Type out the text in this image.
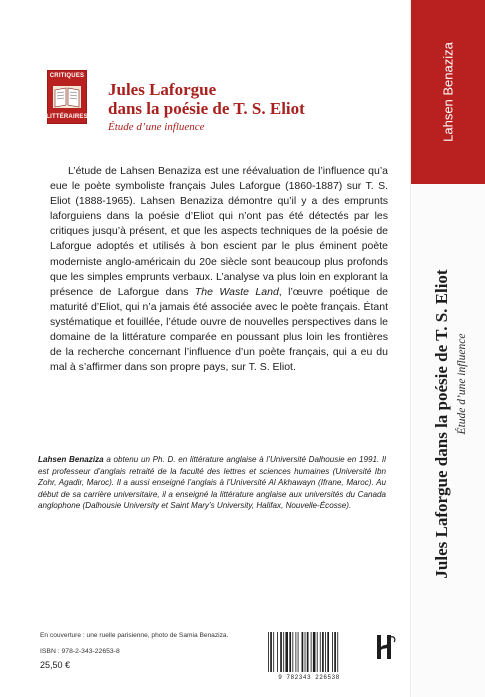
CRITIQUES
LITTÉRAIRES
Jules Laforgue
dans la poésie de T. S. Eliot
Étude d’une influence

L’étude de Lahsen Benaziza est une réévaluation de l’influence qu’a eue le poète symboliste français Jules Laforgue (1860-1887) sur T. S. Eliot (1888-1965). Lahsen Benaziza démontre qu’il y a des emprunts laforguiens dans la poésie d’Eliot qui n’ont pas été détectés par les critiques jusqu’à présent, et que les aspects techniques de la poésie de Laforgue adoptés et utilisés à bon escient par le plus éminent poète moderniste anglo-américain du 20e siècle sont beaucoup plus profonds que les simples emprunts verbaux. L’analyse va plus loin en explorant la présence de Laforgue dans The Waste Land, l’œuvre poétique de maturité d’Eliot, qui n’a jamais été associée avec le poète français. Étant systématique et fouillée, l’étude ouvre de nouvelles perspectives dans le domaine de la littérature comparée en poussant plus loin les frontières de la recherche concernant l’influence d’un poète français, qui a eu du mal à s’affirmer dans son propre pays, sur T. S. Eliot.

Lahsen Benaziza a obtenu un Ph. D. en littérature anglaise à l’Université Dalhousie en 1991. Il est professeur d’anglais retraité de la faculté des lettres et sciences humaines (Université Ibn Zohr, Agadir, Maroc). Il a aussi enseigné l’anglais à l’Université Al Akhawayn (Ifrane, Maroc). Au début de sa carrière universitaire, il a enseigné la littérature anglaise aux universités du Canada anglophone (Dalhousie University et Saint Mary’s University, Halifax, Nouvelle-Écosse).

En couverture : une ruelle parisienne, photo de Samia Benaziza.
ISBN : 978-2-343-22653-8
25,50 €
9 782343 226538
Lahsen Benaziza
Jules Laforgue dans la poésie de T. S. Eliot Étude d’une influence
